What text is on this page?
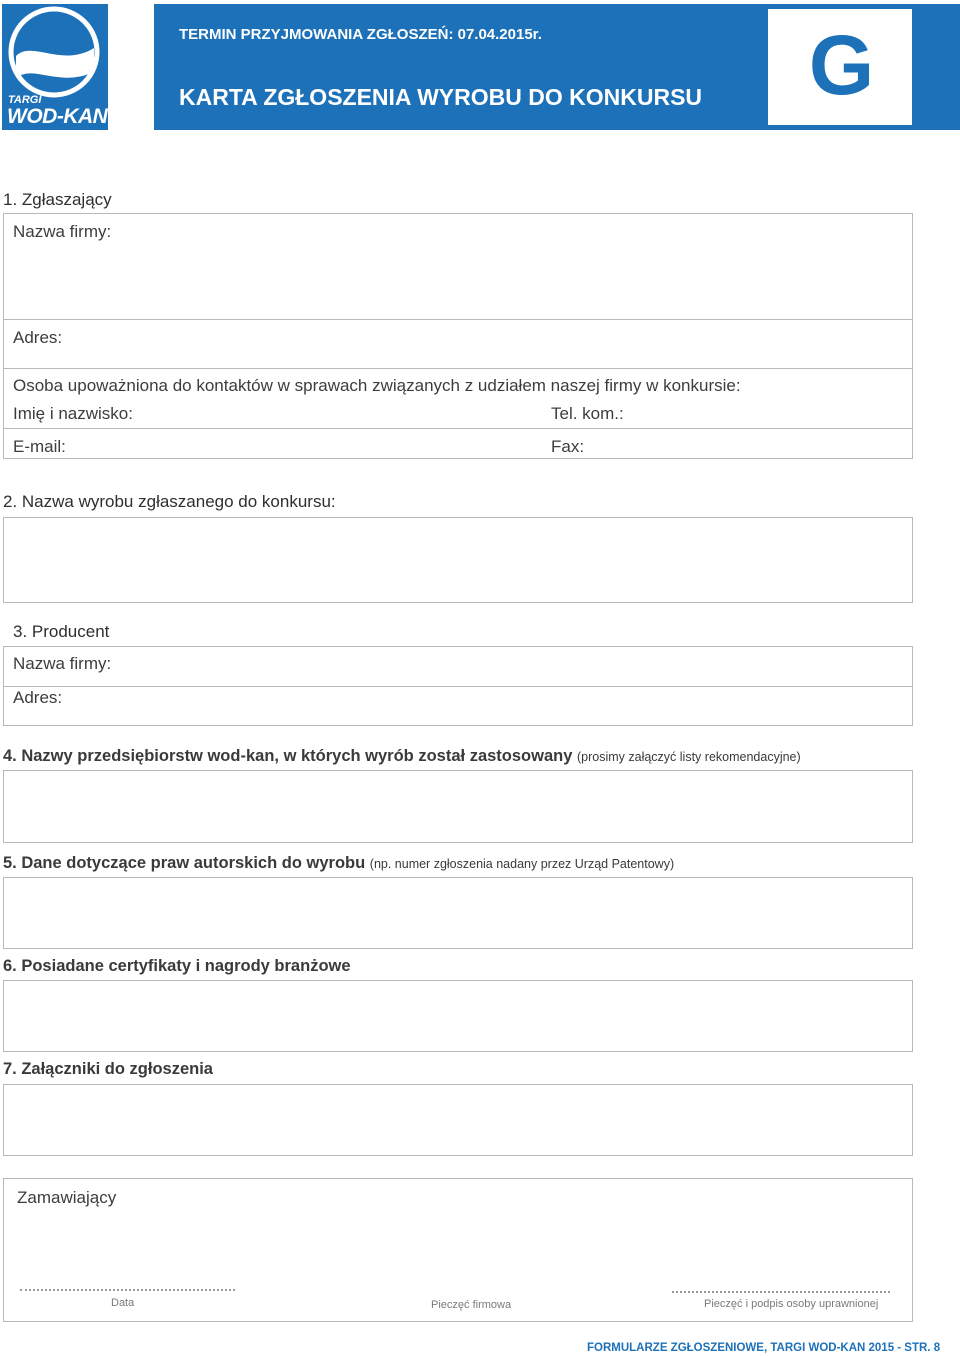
TARGI
WOD-KAN
TERMIN PRZYJMOWANIA ZGŁOSZEŃ: 07.04.2015r.
KARTA ZGŁOSZENIA WYROBU DO KONKURSU	G
1. Zgłaszający
Nazwa firmy:
Adres:
Osoba upoważniona do kontaktów w sprawach związanych z udziałem naszej firmy w konkursie:
Imię i nazwisko:	Tel. kom.:
E-mail:	Fax:
2. Nazwa wyrobu zgłaszanego do konkursu:
3. Producent
Nazwa firmy:
Adres:
4. Nazwy przedsiębiorstw wod-kan, w których wyrób został zastosowany (prosimy załączyć listy rekomendacyjne)
5. Dane dotyczące praw autorskich do wyrobu (np. numer zgłoszenia nadany przez Urząd Patentowy)
6. Posiadane certyfikaty i nagrody branżowe
7. Załączniki do zgłoszenia
Zamawiający
Data	Pieczęć firmowa	Pieczęć i podpis osoby uprawnionej
FORMULARZE ZGŁOSZENIOWE, TARGI WOD-KAN 2015 - STR. 8
